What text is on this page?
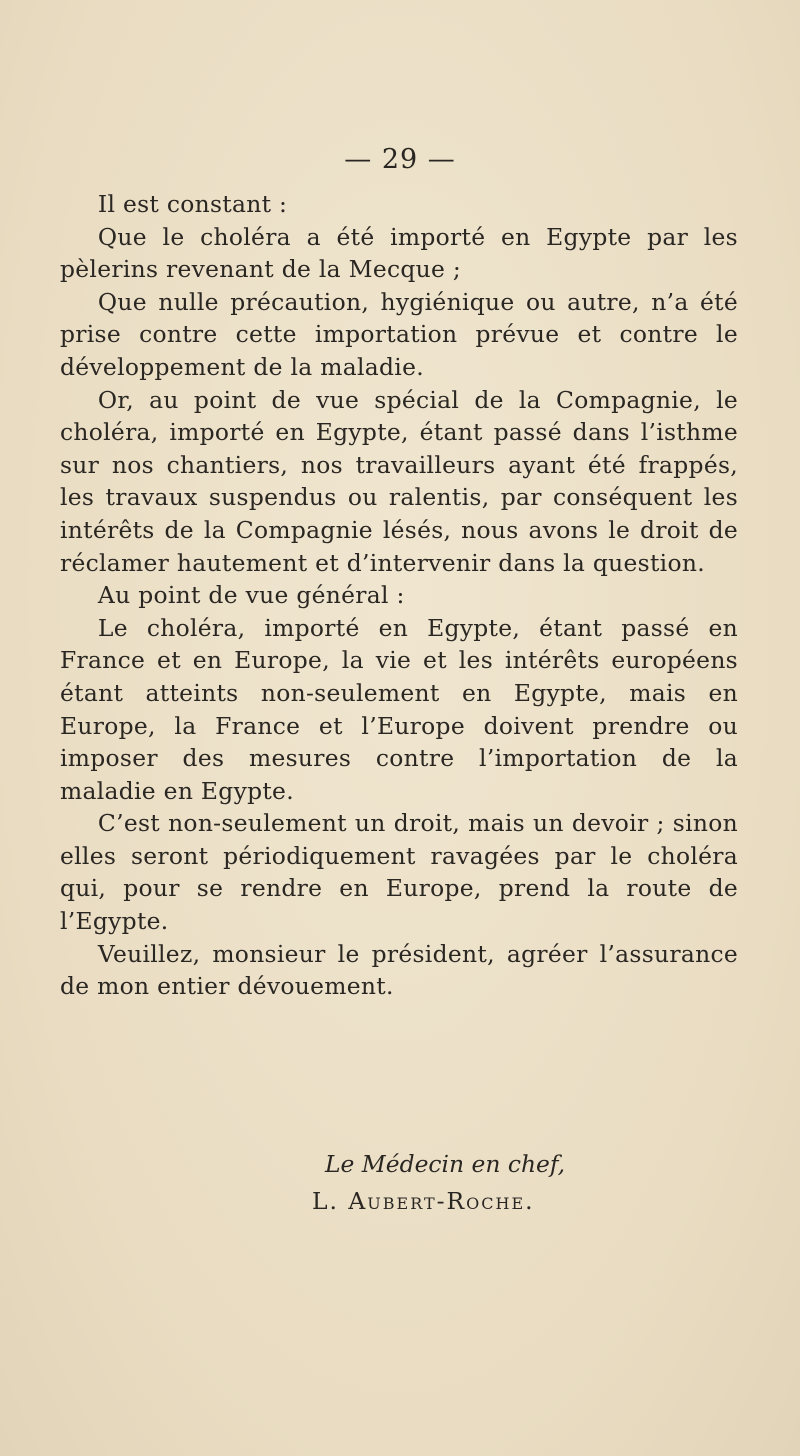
— 29 —

Il est constant :

Que le choléra a été importé en Egypte par les pèlerins revenant de la Mecque ;

Que nulle précaution, hygiénique ou autre, n’a été prise contre cette importation prévue et contre le développement de la maladie.

Or, au point de vue spécial de la Compagnie, le choléra, importé en Egypte, étant passé dans l’isthme sur nos chantiers, nos travailleurs ayant été frappés, les travaux suspendus ou ralentis, par conséquent les intérêts de la Compagnie lésés, nous avons le droit de réclamer hautement et d’intervenir dans la question.

Au point de vue général :

Le choléra, importé en Egypte, étant passé en France et en Europe, la vie et les intérêts européens étant atteints non-seulement en Egypte, mais en Europe, la France et l’Europe doivent prendre ou imposer des mesures contre l’importation de la maladie en Egypte.

C’est non-seulement un droit, mais un devoir ; sinon elles seront périodiquement ravagées par le choléra qui, pour se rendre en Europe, prend la route de l’Egypte.

Veuillez, monsieur le président, agréer l’assurance de mon entier dévouement.

Le Médecin en chef,
L. Aubert-Roche.
